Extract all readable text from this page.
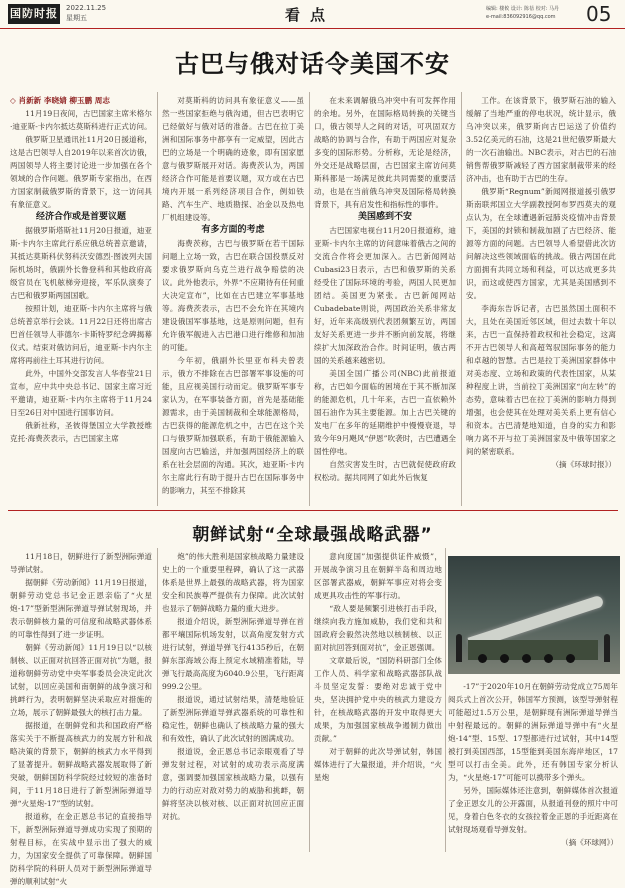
国防时报 2022.11.25
星期五	看点	编辑: 楼攸 设计: 陈蓓 校对: 马丹
e-mail:836092916@qq.com	05
古巴与俄对话令美国不安

◇ 肖新新 李晓婧 柳玉鹏 周志

11月19日夜间，古巴国家主席米格尔·迪亚斯-卡内尔抵达莫斯科进行正式访问。

俄罗斯卫星通讯社11月20日援道称，这是古巴领导人自2019年以来首次访俄，两国领导人将主要讨论进一步加强在各个领域的合作问题。俄罗斯专家指出，在西方国家制裁俄罗斯的背景下，这一访问具有象征意义。

经济合作或是首要议题

据俄罗斯塔斯社11月20日报道，迪亚斯-卡内尔主席此行系应俄总统普京邀请，其抵达莫斯科伏努科沃安德烈·图波列夫国际机场时，俄副外长鲁登科和其他政府高级官员在飞机舷梯旁迎接，军乐队演奏了古巴和俄罗斯两国国歌。

按照计划，迪亚斯-卡内尔主席将与俄总统普京举行会谈。11月22日还将出席古巴首任领导人菲德尔·卡斯特罗纪念碑揭幕仪式。结束对俄访问后，迪亚斯-卡内尔主席将再前往土耳其进行访问。

此外，中国外交部发言人华春莹21日宣布，应中共中央总书记、国家主席习近平邀请，迪亚斯-卡内尔主席将于11月24日至26日对中国进行国事访问。

俄新社称，圣彼得堡国立大学教授维克托·海费茨表示，古巴国家主席

对莫斯科的访问具有象征意义——虽然一些国家拒绝与俄沟通，但古巴表明它已经做好与俄对话的准备。古巴在拉丁美洲和国际事务中都享有一定威望，因此古巴的立场是一个明确的迹象，即有国家愿意与俄罗斯展开对话。海费茨认为，两国经济合作可能是首要议题，双方或在古巴境内开展一系列经济项目合作，例如铁路、汽车生产、地质勘探、冶金以及热电厂机组建设等。

有多方面的考虑

海费茨称，古巴与俄罗斯在若干国际问题上立场一致，古巴在联合国投票反对要求俄罗斯向乌克兰进行战争赔偿的决议。此外他表示，外界“不应期待有任何重大决定宣布”，比如在古巴建立军事基地等。海费茨表示，古巴不会允许在其境内建设俄国军事基地，这是原则问题，但有允许俄军舰进入古巴港口进行维修和加油的可能。

今年初，俄副外长里亚布科夫曾表示，俄方不排除在古巴部署军事设施的可能，且应视美国行动而定。俄罗斯军事专家认为，在军事装备方面，首先是基础能源需求，由于美国制裁和全球能源格局，古巴获得的能源危机之中，古巴在这个关口与俄罗斯加强联系，有助于俄能源输入国度向古巴输送，并加强两国经济上的联系在社会层面的沟通。其次，迪亚斯-卡内尔主席此行有助于提升古巴在国际事务中的影响力，其至不排除其

在未来调解俄乌冲突中有可发挥作用的余地。另外，在国际格局转换的关键当口，俄古领导人之间的对话，可巩固双方战略的协调与合作，有助于两国应对复杂多变的国际形势。分析称，无论是经济，外交还是战略层面，古巴国家主席访问莫斯科都是一场满足彼此共同需要的重要活动，也是在当前俄乌冲突及国际格局转换背景下，具有启发性和指标性的事件。

美国感到不安

古巴国家电视台11月20日报道称，迪亚斯-卡内尔主席的访问意味着俄古之间的交流合作将会更加深入。古巴新闻网站Cubasi23日表示，古巴和俄罗斯的关系经受住了国际环境的考验，两国人民更加团结。美国更为紧张。古巴新闻网站Cubadebate则说，两国政治关系非常友好，近年来高级别代表团频繁互访，两国友好关系更进一步并不断向前发展，将继续扩大加深政治合作。时间证明，俄古两国的关系越来越密切。

美国全国广播公司(NBC)此前报道称，古巴如今面临的困境在于其不断加深的能源危机，几十年来，古巴一直依赖外国石油作为其主要能源。加上古巴关键的发电厂在多年的延期维护中慢慢衰退，导致今年9月飓风“伊恩”吹袭时，古巴遭遇全国性停电。

自然灾害发生时，古巴就促使政府政权松动。据共同网了如此外后恢复

工作。在该背景下，俄罗斯石油的输入缓解了当地严重的停电状况，统计显示，俄乌冲突以来，俄罗斯向古巴运送了价值约3.52亿美元的石油，这是21世纪俄罗斯最大的一次石油输出。NBC表示，对古巴的石油销售帮俄罗斯减轻了西方国家制裁带来的经济冲击，也有助于古巴的生存。

俄罗斯“Regnum”新闻网报道援引俄罗斯南联邦国立大学副教授阿布罗西莫夫的观点认为，在全球遭遇新冠肺炎疫情冲击背景下，美国的封锁和制裁加剧了古巴经济、能源等方面的问题。古巴领导人希望借此次访问解决这些领域面临的挑战。俄古两国在此方面拥有共同立场和利益，可以达成更多共识，而这或使西方国家，尤其是美国感到不安。

李海东告诉记者，古巴虽然国土面积不大，且处在美国近邻区域，但过去数十年以来，古巴一直保持着政权和社会稳定，这离不开古巴领导人和高超驾驭国际事务的能力和卓越的智慧。古巴是拉丁美洲国家群体中对美态度、立场和政策的代表性国家，从某种程度上讲，当前拉丁美洲国家“向左转”的态势，意味着古巴在拉丁美洲的影响力得到增强，也会使其在处理对美关系上更有信心和资本。古巴清楚地知道，自身的实力和影响力离不开与拉丁美洲国家及中俄等国家之间的紧密联系。

（摘《环球时报》）

朝鲜试射“全球最强战略武器”

11月18日，朝鲜进行了新型洲际弹道导弹试射。

据朝鲜《劳动新闻》11月19日报道，朝鲜劳动党总书记金正恩亲临了“火星炮-17”型新型洲际弹道导弹试射现场，并表示朝鲜核力量的可信度和战略武器体系的可靠性得到了进一步证明。

朝鲜《劳动新闻》11月19日以“以核制核、以正面对抗回答正面对抗”为题，报道称朝鲜劳动党中央军事委员会决定此次试射，以回应美国和南朝鲜的战争演习和挑衅行为，表明朝鲜坚决采取应对措施的立场，展示了朝鲜最强大的核打击力量。

据报道，在朝鲜党和共和国政府严格落实关于不断提高核武力的发展方针和战略决策的背景下，朝鲜的核武力水平得到了显著提升。朝鲜战略武器发展取得了新突破，朝鲜国防科学院经过较短的准备时间，于11月18日进行了新型洲际弹道导弹“火星炮-17”型的试射。

报道称，在金正恩总书记的直接指导下，新型洲际弹道导弹成功实现了预期的射程目标，在实战中显示出了强大的威力，为国家安全提供了可靠保障。朝鲜国防科学院的科研人员对于新型洲际弹道导弹的顺利试射“火

炮”的伟大胜利是国家核战略力量建设史上的一个重要里程碑，确认了这一武器体系是世界上最强的战略武器，将为国家安全和民族尊严提供有力保障。此次试射也显示了朝鲜战略力量的重大进步。

报道介绍说，新型洲际弹道导弹在首都平壤国际机场发射，以高角度发射方式进行试射，弹道导弹飞行4135秒后，在朝鲜东部海域公海上预定水域精准着陆，导弹飞行最高高度为6040.9公里，飞行距离999.2公里。

报道说，通过试射结果，清楚地验证了新型洲际弹道导弹武器系统的可靠性和稳定性，朝鲜也确认了核战略力量的强大和有效性，确认了此次试射的圆满成功。

报道说，金正恩总书记亲眼观看了导弹发射过程，对试射的成功表示高度满意，强调要加强国家核战略力量，以强有力的行动应对敌对势力的威胁和挑衅，朝鲜将坚决以核对核、以正面对抗回应正面对抗。

意向度国”加强提供证件威慑”，开展战争演习且在朝鲜半岛和周边地区部署武器威，朝鲜军事应对将会变成更具攻击性的军事行动。

“敌人要是频繁引进核打击手段，继续向我方施加威胁，我们党和共和国政府会毅然决然地以核制核、以正面对抗回答到面对抗”，金正恩强调。

文章最后说，“国防科研部门全体工作人员、科学家和战略武器部队战斗员坚定发誓：要绝对忠诚于党中央，坚决拥护党中央的核武力建设方针，在核战略武器的开发中取得更大成果，为加强国家核战争遏制力做出贡献。”

对于朝鲜的此次导弹试射，韩国媒体进行了大量报道，并介绍说，“火星炮

-17”于2020年10月在朝鲜劳动党成立75周年阅兵式上首次公开，韩国军方预测，该型导弹射程可能超过1.5万公里，是朝鲜现有洲际弹道导弹当中射程最远的。朝鲜的洲际弹道导弹中有“火星炮-14”型、15型、17型都进行过试射，其中14型被打到美国西部，15型能到美国东海岸地区，17型可以打击全美。此外，还有韩国专家分析认为，“火星炮-17”可能可以携带多个弹头。

另外，国际媒体还注意到，朝鲜媒体首次报道了金正恩女儿的公开露面，从报道刊登的照片中可见，身着白色冬衣的女孩拉着金正恩的手近距离在试射现场观看导弹发射。

（摘《环球网》）
